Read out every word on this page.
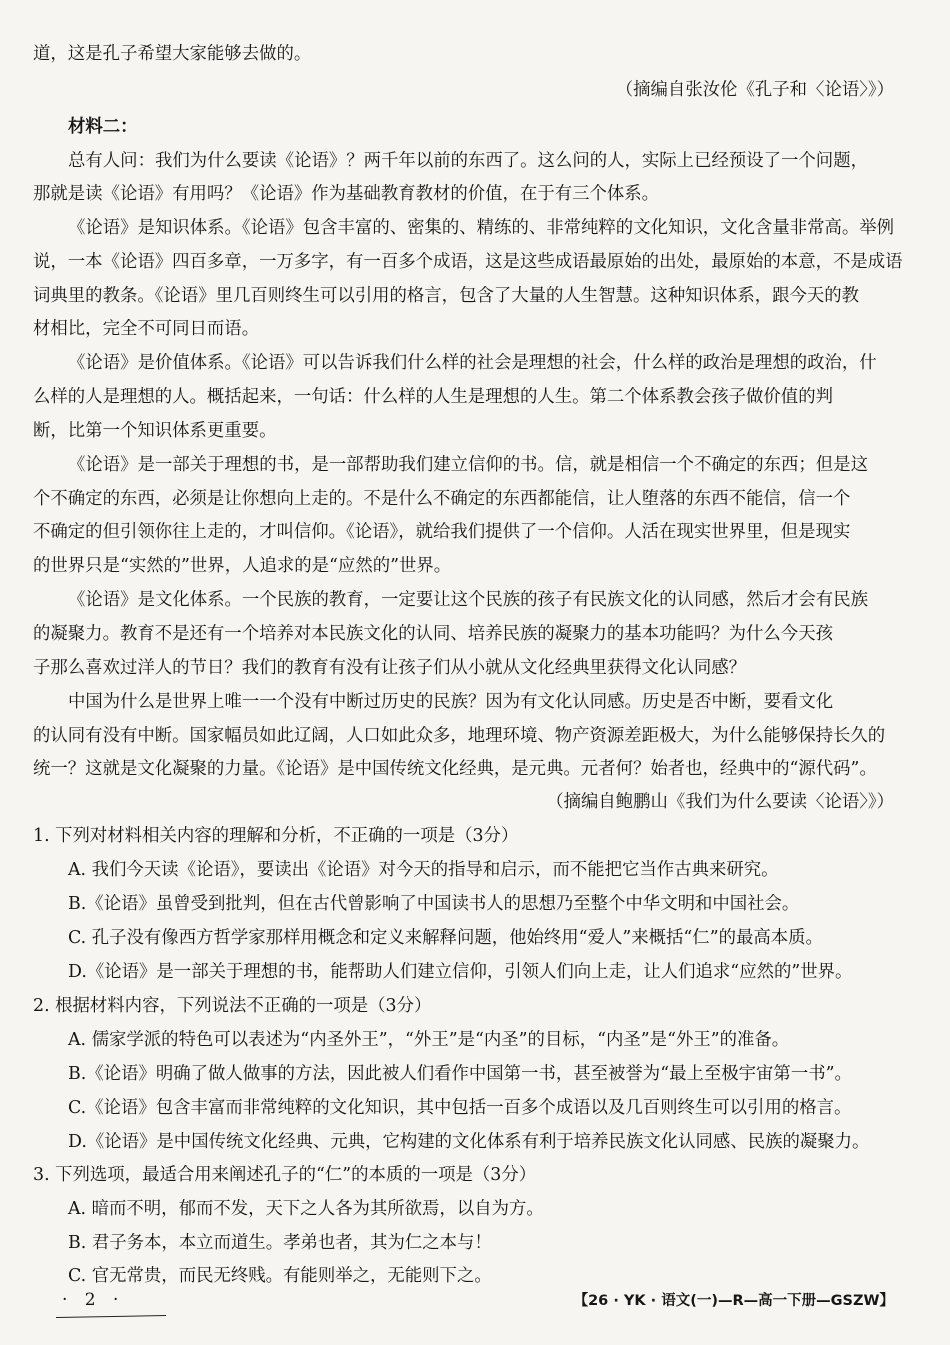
道，这是孔子希望大家能够去做的。
（摘编自张汝伦《孔子和〈论语〉》）
材料二：
总有人问：我们为什么要读《论语》？两千年以前的东西了。这么问的人，实际上已经预设了一个问题，
那就是读《论语》有用吗？《论语》作为基础教育教材的价值，在于有三个体系。
《论语》是知识体系。《论语》包含丰富的、密集的、精练的、非常纯粹的文化知识，文化含量非常高。举例
说，一本《论语》四百多章，一万多字，有一百多个成语，这是这些成语最原始的出处，最原始的本意，不是成语
词典里的教条。《论语》里几百则终生可以引用的格言，包含了大量的人生智慧。这种知识体系，跟今天的教
材相比，完全不可同日而语。
《论语》是价值体系。《论语》可以告诉我们什么样的社会是理想的社会，什么样的政治是理想的政治，什
么样的人是理想的人。概括起来，一句话：什么样的人生是理想的人生。第二个体系教会孩子做价值的判
断，比第一个知识体系更重要。
《论语》是一部关于理想的书，是一部帮助我们建立信仰的书。信，就是相信一个不确定的东西；但是这
个不确定的东西，必须是让你想向上走的。不是什么不确定的东西都能信，让人堕落的东西不能信，信一个
不确定的但引领你往上走的，才叫信仰。《论语》，就给我们提供了一个信仰。人活在现实世界里，但是现实
的世界只是“实然的”世界，人追求的是“应然的”世界。
《论语》是文化体系。一个民族的教育，一定要让这个民族的孩子有民族文化的认同感，然后才会有民族
的凝聚力。教育不是还有一个培养对本民族文化的认同、培养民族的凝聚力的基本功能吗？为什么今天孩
子那么喜欢过洋人的节日？我们的教育有没有让孩子们从小就从文化经典里获得文化认同感？
中国为什么是世界上唯一一个没有中断过历史的民族？因为有文化认同感。历史是否中断，要看文化
的认同有没有中断。国家幅员如此辽阔，人口如此众多，地理环境、物产资源差距极大，为什么能够保持长久的
统一？这就是文化凝聚的力量。《论语》是中国传统文化经典，是元典。元者何？始者也，经典中的“源代码”。
（摘编自鲍鹏山《我们为什么要读〈论语〉》）
1. 下列对材料相关内容的理解和分析，不正确的一项是（3分）
A. 我们今天读《论语》，要读出《论语》对今天的指导和启示，而不能把它当作古典来研究。
B.《论语》虽曾受到批判，但在古代曾影响了中国读书人的思想乃至整个中华文明和中国社会。
C. 孔子没有像西方哲学家那样用概念和定义来解释问题，他始终用“爱人”来概括“仁”的最高本质。
D.《论语》是一部关于理想的书，能帮助人们建立信仰，引领人们向上走，让人们追求“应然的”世界。
2. 根据材料内容，下列说法不正确的一项是（3分）
A. 儒家学派的特色可以表述为“内圣外王”，“外王”是“内圣”的目标，“内圣”是“外王”的准备。
B.《论语》明确了做人做事的方法，因此被人们看作中国第一书，甚至被誉为“最上至极宇宙第一书”。
C.《论语》包含丰富而非常纯粹的文化知识，其中包括一百多个成语以及几百则终生可以引用的格言。
D.《论语》是中国传统文化经典、元典，它构建的文化体系有利于培养民族文化认同感、民族的凝聚力。
3. 下列选项，最适合用来阐述孔子的“仁”的本质的一项是（3分）
A. 暗而不明，郁而不发，天下之人各为其所欲焉，以自为方。
B. 君子务本，本立而道生。孝弟也者，其为仁之本与！
C. 官无常贵，而民无终贱。有能则举之，无能则下之。
· 2 ·	【26 · YK · 语文(一)—R—高一下册—GSZW】
